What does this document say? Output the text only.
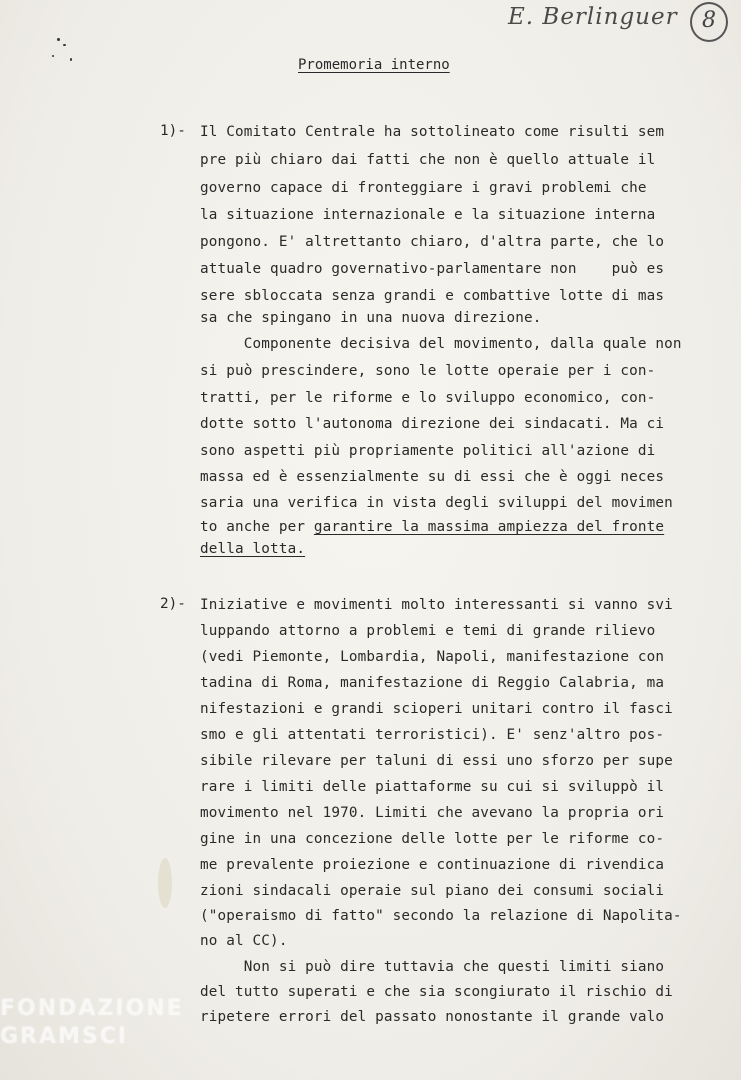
E. Berlinguer	8
Promemoria interno
1)- Il Comitato Centrale ha sottolineato come risulti sem
pre più chiaro dai fatti che non è quello attuale il
governo capace di fronteggiare i gravi problemi che
la situazione internazionale e la situazione interna
pongono. E' altrettanto chiaro, d'altra parte, che lo
attuale quadro governativo-parlamentare non    può es
sere sbloccata senza grandi e combattive lotte di mas
sa che spingano in una nuova direzione.
Componente decisiva del movimento, dalla quale non
si può prescindere, sono le lotte operaie per i con-
tratti, per le riforme e lo sviluppo economico, con-
dotte sotto l'autonoma direzione dei sindacati. Ma ci
sono aspetti più propriamente politici all'azione di
massa ed è essenzialmente su di essi che è oggi neces
saria una verifica in vista degli sviluppi del movimen
to anche per garantire la massima ampiezza del fronte
della lotta.
2)- Iniziative e movimenti molto interessanti si vanno svi
luppando attorno a problemi e temi di grande rilievo
(vedi Piemonte, Lombardia, Napoli, manifestazione con
tadina di Roma, manifestazione di Reggio Calabria, ma
nifestazioni e grandi scioperi unitari contro il fasci
smo e gli attentati terroristici). E' senz'altro pos-
sibile rilevare per taluni di essi uno sforzo per supe
rare i limiti delle piattaforme su cui si sviluppò il
movimento nel 1970. Limiti che avevano la propria ori
gine in una concezione delle lotte per le riforme co-
me prevalente proiezione e continuazione di rivendica
zioni sindacali operaie sul piano dei consumi sociali
("operaismo di fatto" secondo la relazione di Napolita-
no al CC).
Non si può dire tuttavia che questi limiti siano
del tutto superati e che sia scongiurato il rischio di
ripetere errori del passato nonostante il grande valo
FONDAZIONE
GRAMSCI
